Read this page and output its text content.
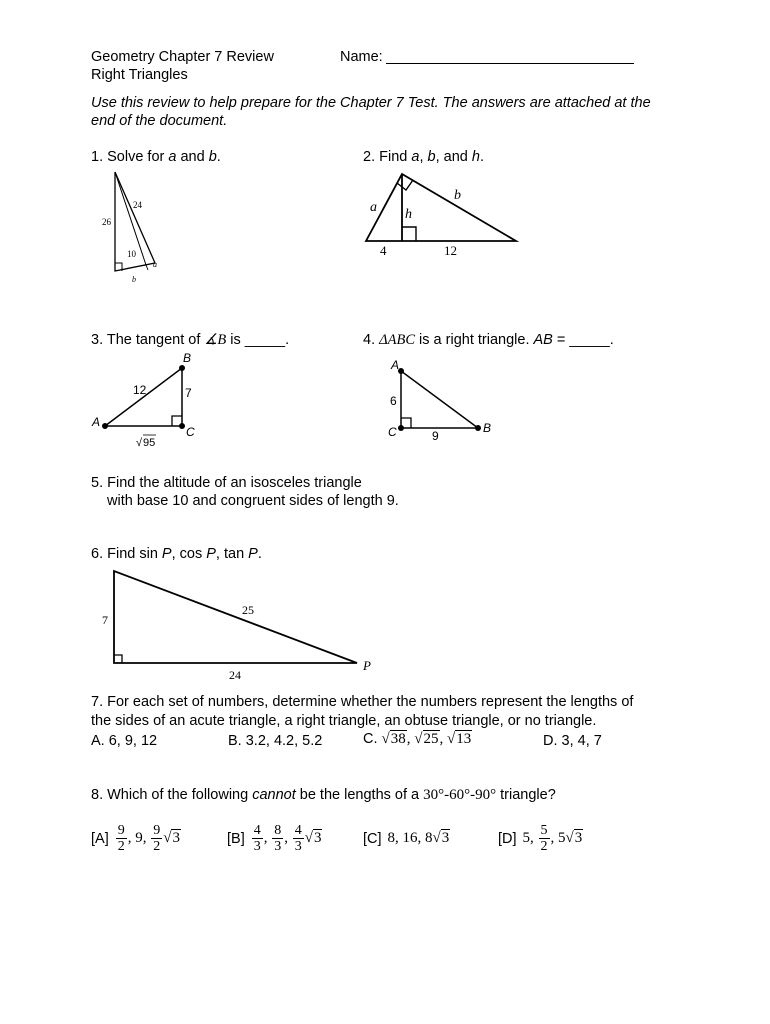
Geometry Chapter 7 Review
Right Triangles
Name:
Use this review to help prepare for the Chapter 7 Test. The answers are attached at the
end of the document.
1. Solve for a and b.
24
26
10
a
b
2. Find a, b, and h.
a
b
h
4	12
3. The tangent of ∡B is _____.
B
A
C
12	7
√ 95
4. ΔABC is a right triangle. AB = _____.
A
C	B
6
9
5. Find the altitude of an isosceles triangle
with base 10 and congruent sides of length 9.
6. Find sin P, cos P, tan P.
7
25
24
P
7. For each set of numbers, determine whether the numbers represent the lengths of
the sides of an acute triangle, a right triangle, an obtuse triangle, or no triangle.
A. 6, 9, 12	B. 3.2, 4.2, 5.2	C. √38, √25, √13	D. 3, 4, 7
8. Which of the following cannot be the lengths of a 30°-60°-90° triangle?
$[A] \frac{9}{2}$ , 9, $\frac{9}{2} √3$	$[B] \frac{4}{3}$ , $\frac{8}{3}$ , $\frac{4}{3} √3$	[C] 8, 16, 8 √3	[D] 5, $\frac{5}{2}$ , 5 √3
